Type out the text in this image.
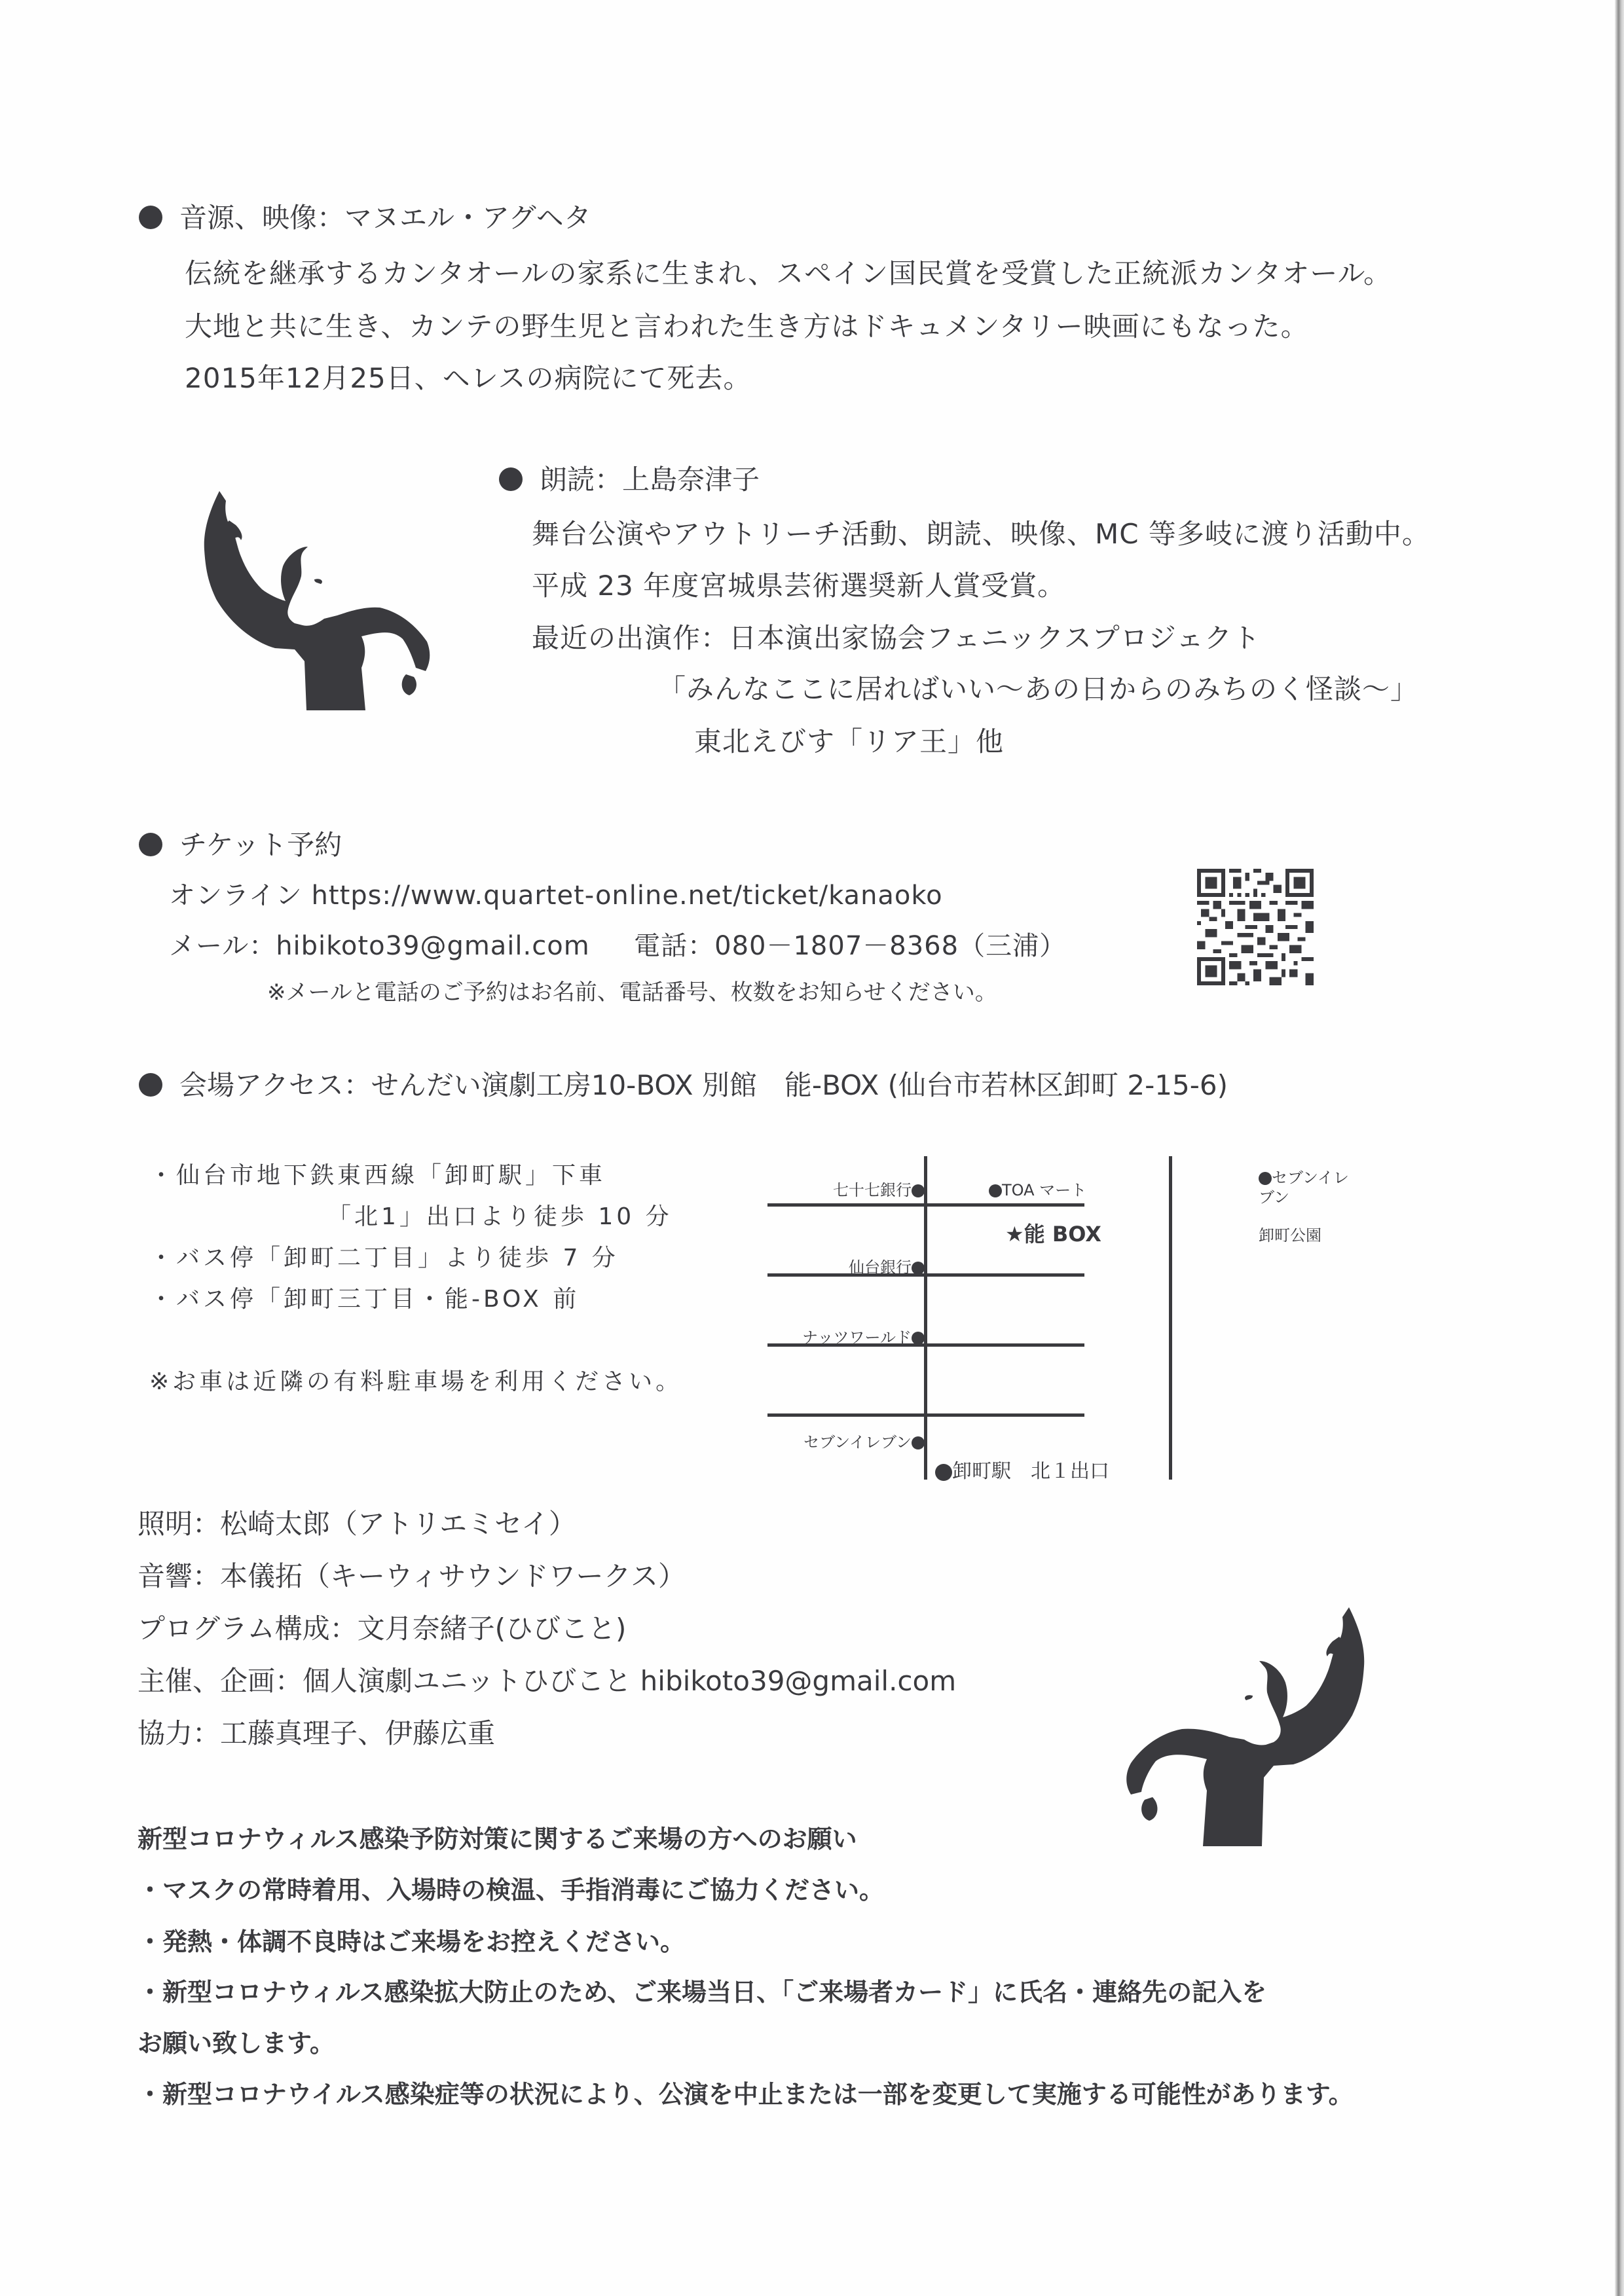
音源、映像：マヌエル・アグヘタ
伝統を継承するカンタオールの家系に生まれ、スペイン国民賞を受賞した正統派カンタオール。
大地と共に生き、カンテの野生児と言われた生き方はドキュメンタリー映画にもなった。
2015年12月25日、ヘレスの病院にて死去。
朗読：上島奈津子
舞台公演やアウトリーチ活動、朗読、映像、MC 等多岐に渡り活動中。
平成 23 年度宮城県芸術選奨新人賞受賞。
最近の出演作：日本演出家協会フェニックスプロジェクト
「みんなここに居ればいい～あの日からのみちのく怪談～」
東北えびす「リア王」他
チケット予約
オンライン https://www.quartet-online.net/ticket/kanaoko
メール：hibikoto39@gmail.com 電話：080－1807－8368（三浦）
※メールと電話のご予約はお名前、電話番号、枚数をお知らせください。
会場アクセス：せんだい演劇工房10-BOX 別館　能-BOX (仙台市若林区卸町 2-15-6)
・仙台市地下鉄東西線「卸町駅」下車
「北1」出口より徒歩 10 分
・バス停「卸町二丁目」より徒歩 7 分
・バス停「卸町三丁目・能-BOX 前
※お車は近隣の有料駐車場を利用ください。
七十七銀行	TOA マート
セブンイレ
ブン
★能 BOX	卸町公園
仙台銀行
ナッツワールド
セブンイレブン
卸町駅　北１出口
照明：松崎太郎（アトリエミセイ）
音響：本儀拓（キーウィサウンドワークス）
プログラム構成：文月奈緒子(ひびこと)
主催、企画：個人演劇ユニットひびこと hibikoto39@gmail.com
協力：工藤真理子、伊藤広重
新型コロナウィルス感染予防対策に関するご来場の方へのお願い
・マスクの常時着用、入場時の検温、手指消毒にご協力ください。
・発熱・体調不良時はご来場をお控えください。
・新型コロナウィルス感染拡大防止のため、ご来場当日、「ご来場者カード」に氏名・連絡先の記入を
お願い致します。
・新型コロナウイルス感染症等の状況により、公演を中止または一部を変更して実施する可能性があります。
